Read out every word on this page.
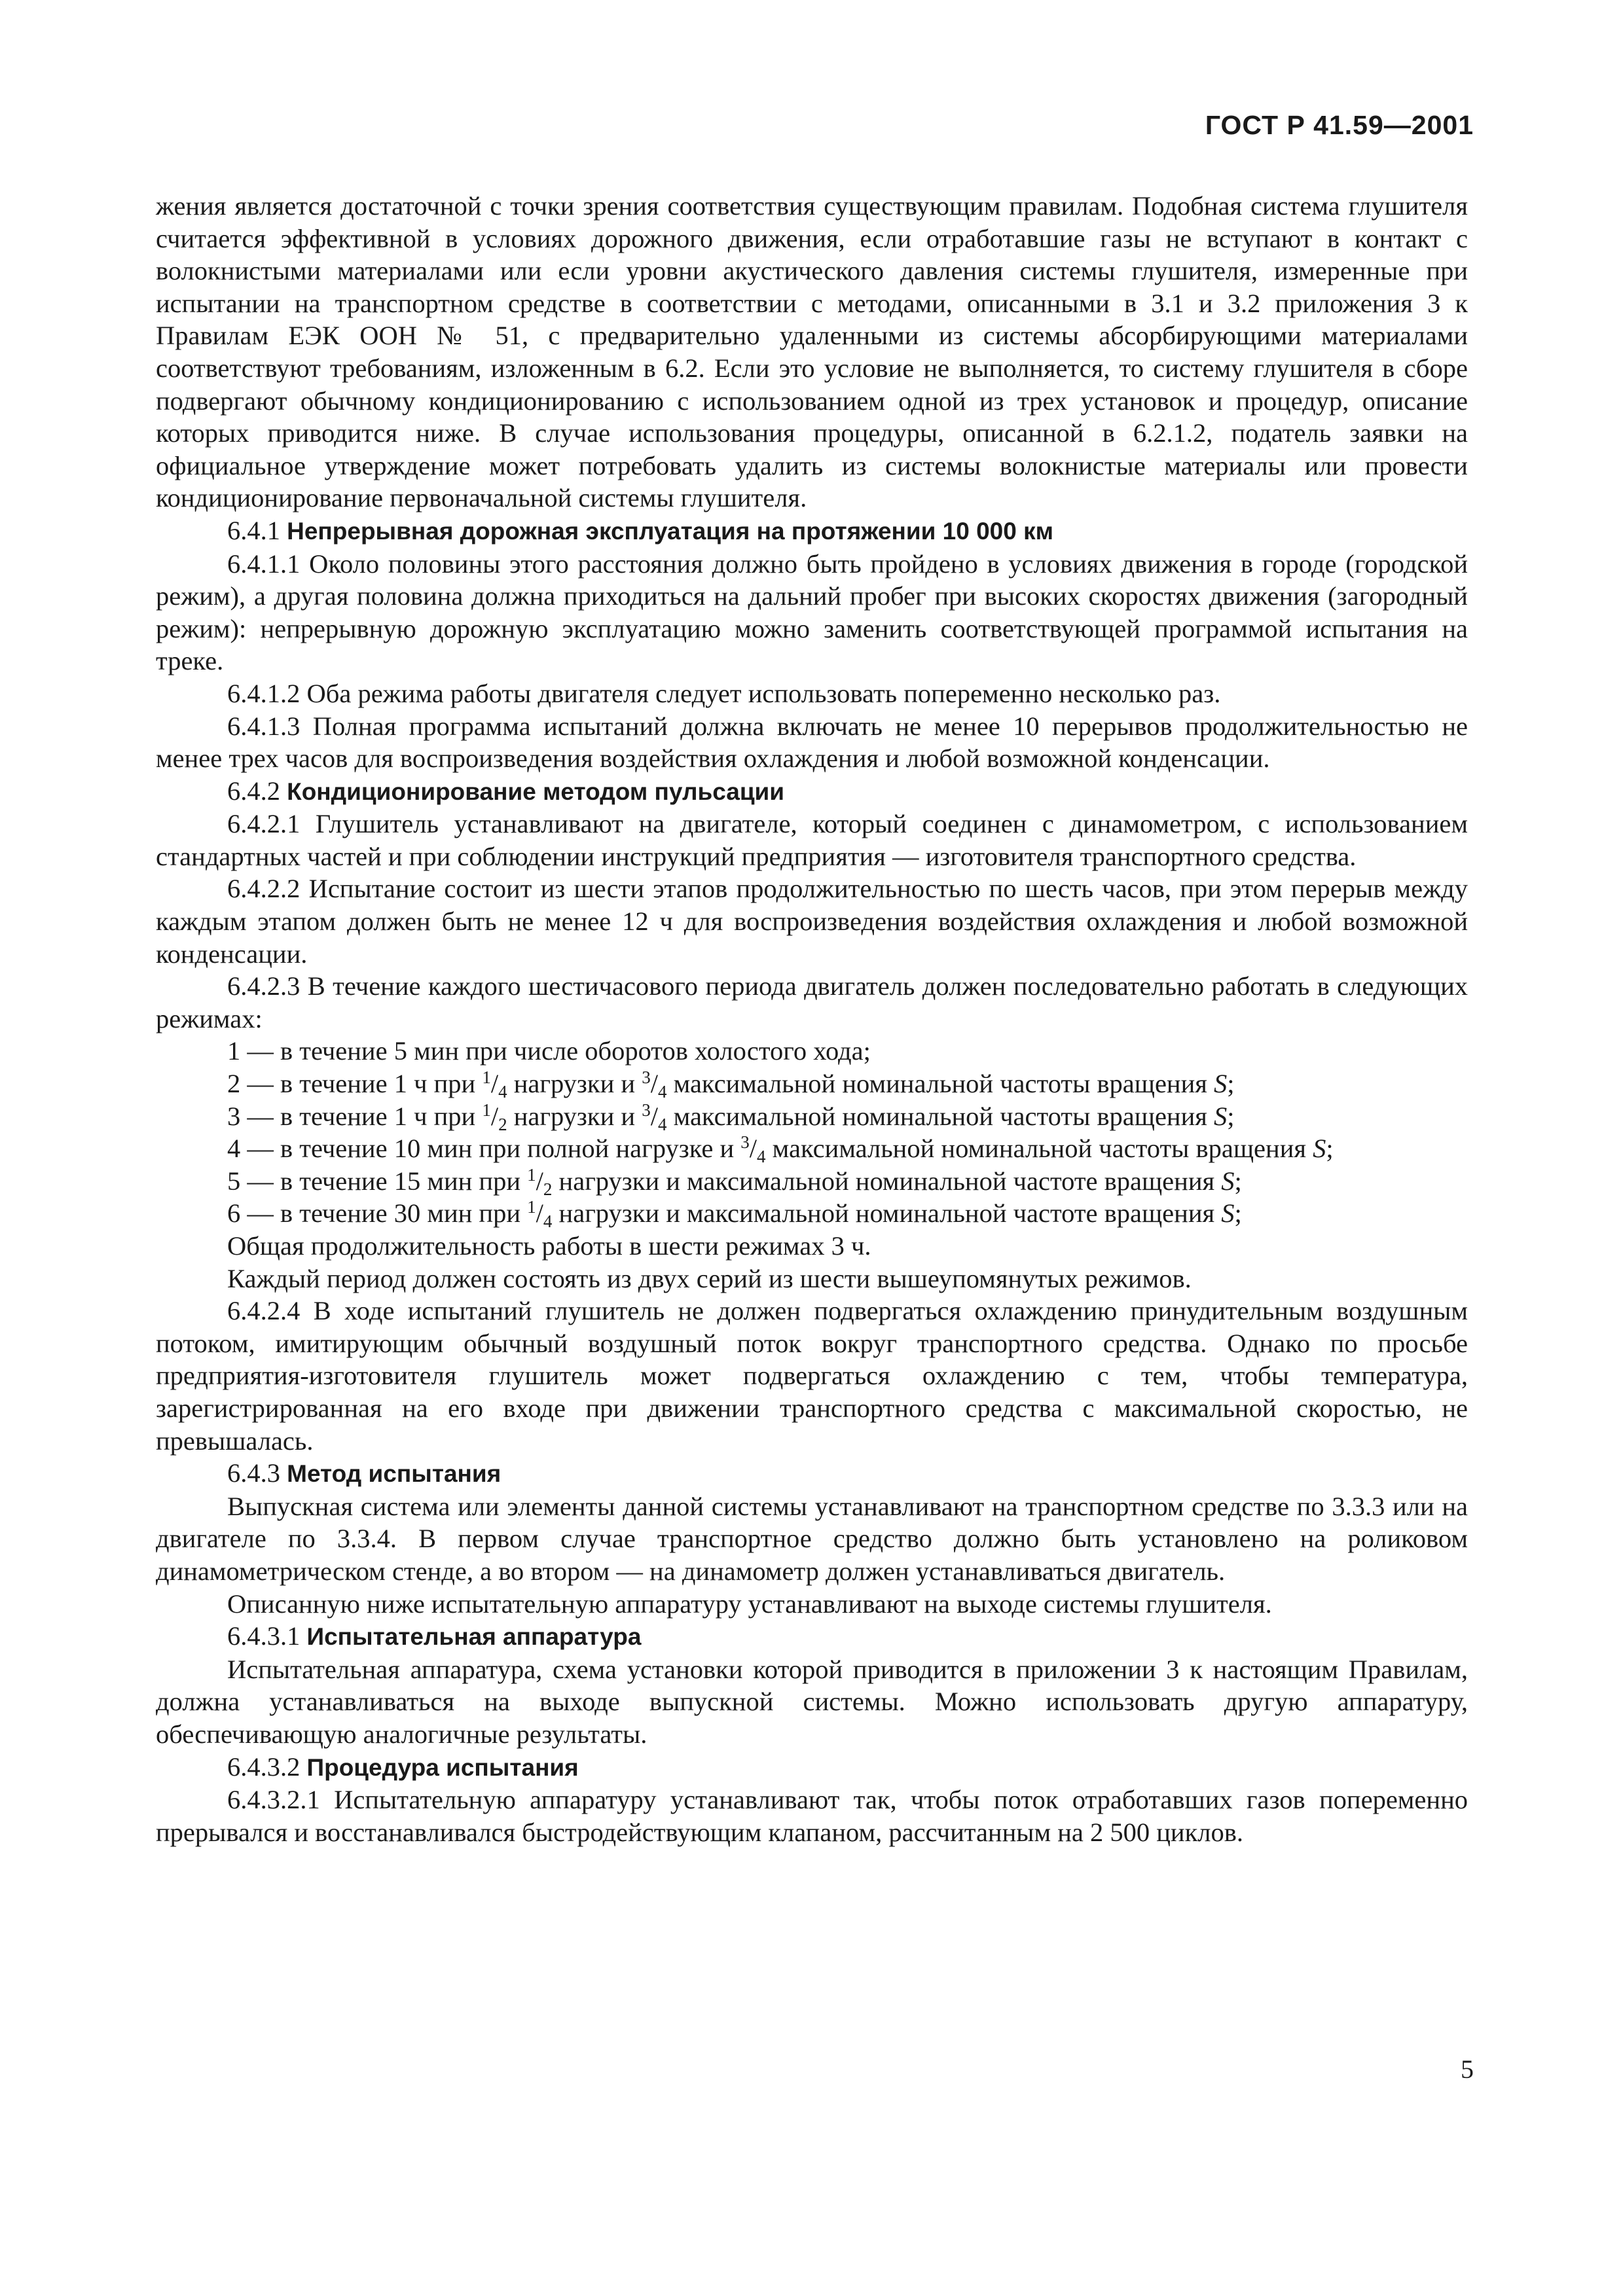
ГОСТ Р 41.59—2001

жения является достаточной с точки зрения соответствия существующим правилам. Подобная система глушителя считается эффективной в условиях дорожного движения, если отработавшие газы не вступают в контакт с волокнистыми материалами или если уровни акустического давления системы глушителя, измеренные при испытании на транспортном средстве в соответствии с методами, описанными в 3.1 и 3.2 приложения 3 к Правилам ЕЭК ООН № 51, с предварительно удаленными из системы абсорбирующими материалами соответствуют требованиям, изложенным в 6.2. Если это условие не выполняется, то систему глушителя в сборе подвергают обычному кондиционированию с использованием одной из трех установок и процедур, описание которых приводится ниже. В случае использования процедуры, описанной в 6.2.1.2, податель заявки на официальное утверждение может потребовать удалить из системы волокнистые материалы или провести кондиционирование первоначальной системы глушителя.

6.4.1 Непрерывная дорожная эксплуатация на протяжении 10 000 км

6.4.1.1 Около половины этого расстояния должно быть пройдено в условиях движения в городе (городской режим), а другая половина должна приходиться на дальний пробег при высоких скоростях движения (загородный режим): непрерывную дорожную эксплуатацию можно заменить соответствующей программой испытания на треке.

6.4.1.2 Оба режима работы двигателя следует использовать попеременно несколько раз.

6.4.1.3 Полная программа испытаний должна включать не менее 10 перерывов продолжительностью не менее трех часов для воспроизведения воздействия охлаждения и любой возможной конденсации.

6.4.2 Кондиционирование методом пульсации

6.4.2.1 Глушитель устанавливают на двигателе, который соединен с динамометром, с использованием стандартных частей и при соблюдении инструкций предприятия — изготовителя транспортного средства.

6.4.2.2 Испытание состоит из шести этапов продолжительностью по шесть часов, при этом перерыв между каждым этапом должен быть не менее 12 ч для воспроизведения воздействия охлаждения и любой возможной конденсации.

6.4.2.3 В течение каждого шестичасового периода двигатель должен последовательно работать в следующих режимах:

1 — в течение 5 мин при числе оборотов холостого хода;

2 — в течение 1 ч при $^1/_4$ нагрузки и $^3/_4$ максимальной номинальной частоты вращения S;

3 — в течение 1 ч при $^1/_2$ нагрузки и $^3/_4$ максимальной номинальной частоты вращения S;

4 — в течение 10 мин при полной нагрузке и $^3/_4$ максимальной номинальной частоты вращения S;

5 — в течение 15 мин при $^1/_2$ нагрузки и максимальной номинальной частоте вращения S;

6 — в течение 30 мин при $^1/_4$ нагрузки и максимальной номинальной частоте вращения S;

Общая продолжительность работы в шести режимах 3 ч.

Каждый период должен состоять из двух серий из шести вышеупомянутых режимов.

6.4.2.4 В ходе испытаний глушитель не должен подвергаться охлаждению принудительным воздушным потоком, имитирующим обычный воздушный поток вокруг транспортного средства. Однако по просьбе предприятия-изготовителя глушитель может подвергаться охлаждению с тем, чтобы температура, зарегистрированная на его входе при движении транспортного средства с максимальной скоростью, не превышалась.

6.4.3 Метод испытания

Выпускная система или элементы данной системы устанавливают на транспортном средстве по 3.3.3 или на двигателе по 3.3.4. В первом случае транспортное средство должно быть установлено на роликовом динамометрическом стенде, а во втором — на динамометр должен устанавливаться двигатель.

Описанную ниже испытательную аппаратуру устанавливают на выходе системы глушителя.

6.4.3.1 Испытательная аппаратура

Испытательная аппаратура, схема установки которой приводится в приложении 3 к настоящим Правилам, должна устанавливаться на выходе выпускной системы. Можно использовать другую аппаратуру, обеспечивающую аналогичные результаты.

6.4.3.2 Процедура испытания

6.4.3.2.1 Испытательную аппаратуру устанавливают так, чтобы поток отработавших газов попеременно прерывался и восстанавливался быстродействующим клапаном, рассчитанным на 2 500 циклов.

5
